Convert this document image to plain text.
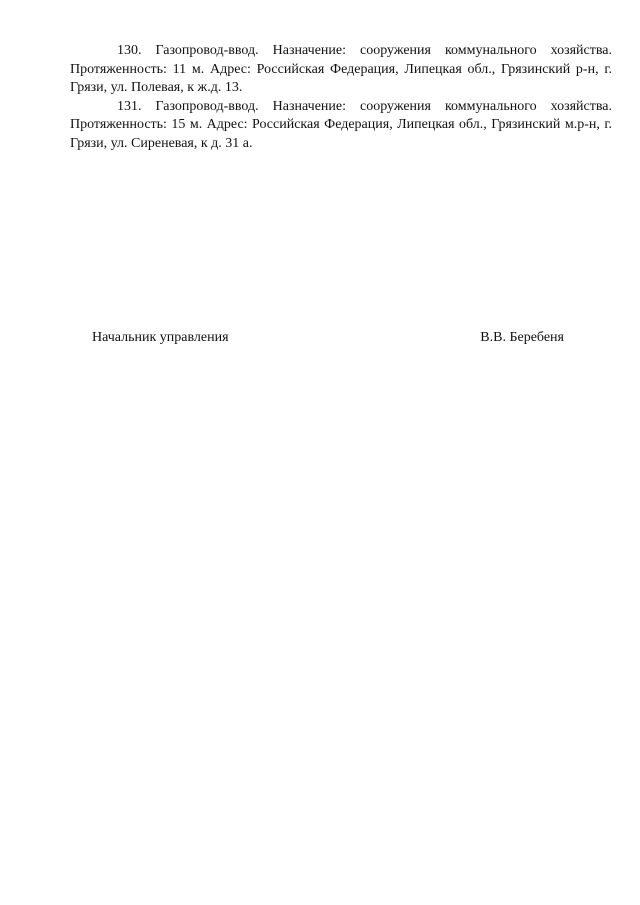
130. Газопровод-ввод. Назначение: сооружения коммунального хозяйства. Протяженность: 11 м. Адрес: Российская Федерация, Липецкая обл., Грязинский р-н, г. Грязи, ул. Полевая, к ж.д. 13.

131. Газопровод-ввод. Назначение: сооружения коммунального хозяйства. Протяженность: 15 м. Адрес: Российская Федерация, Липецкая обл., Грязинский м.р-н, г. Грязи, ул. Сиреневая, к д. 31 а.

Начальник управления	В.В. Беребеня
